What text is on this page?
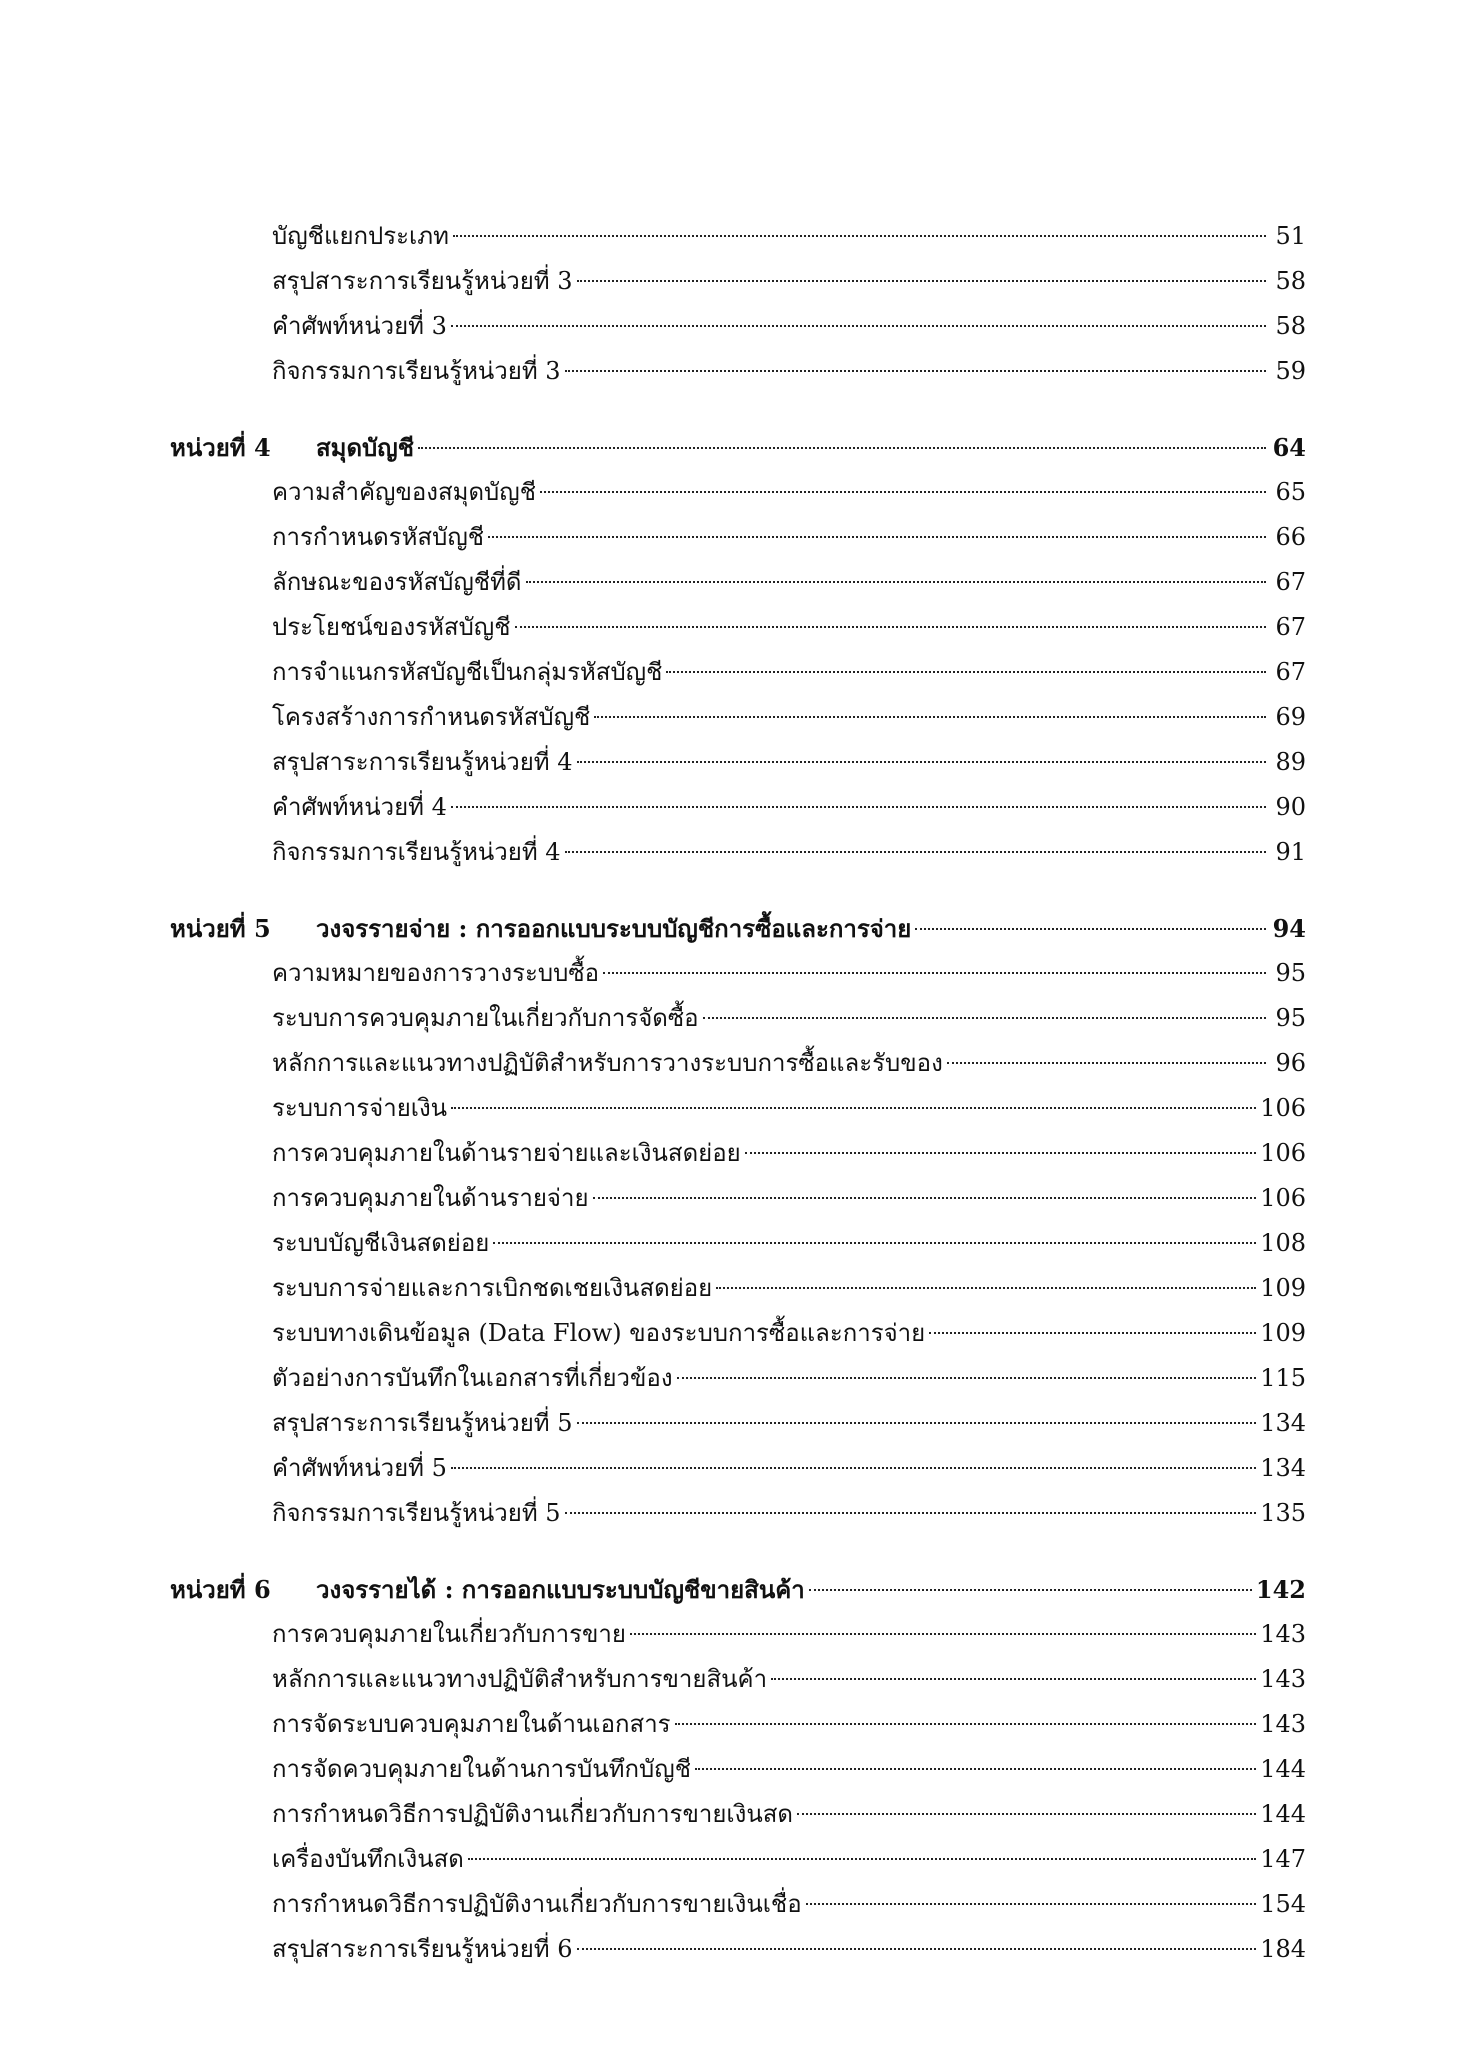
บัญชีแยกประเภท	51
สรุปสาระการเรียนรู้หน่วยที่ 3	58
คำศัพท์หน่วยที่ 3	58
กิจกรรมการเรียนรู้หน่วยที่ 3	59
หน่วยที่ 4	สมุดบัญชี	64
ความสำคัญของสมุดบัญชี	65
การกำหนดรหัสบัญชี	66
ลักษณะของรหัสบัญชีที่ดี	67
ประโยชน์ของรหัสบัญชี	67
การจำแนกรหัสบัญชีเป็นกลุ่มรหัสบัญชี	67
โครงสร้างการกำหนดรหัสบัญชี	69
สรุปสาระการเรียนรู้หน่วยที่ 4	89
คำศัพท์หน่วยที่ 4	90
กิจกรรมการเรียนรู้หน่วยที่ 4	91
หน่วยที่ 5	วงจรรายจ่าย : การออกแบบระบบบัญชีการซื้อและการจ่าย	94
ความหมายของการวางระบบซื้อ	95
ระบบการควบคุมภายในเกี่ยวกับการจัดซื้อ	95
หลักการและแนวทางปฏิบัติสำหรับการวางระบบการซื้อและรับของ	96
ระบบการจ่ายเงิน	106
การควบคุมภายในด้านรายจ่ายและเงินสดย่อย	106
การควบคุมภายในด้านรายจ่าย	106
ระบบบัญชีเงินสดย่อย	108
ระบบการจ่ายและการเบิกชดเชยเงินสดย่อย	109
ระบบทางเดินข้อมูล (Data Flow) ของระบบการซื้อและการจ่าย	109
ตัวอย่างการบันทึกในเอกสารที่เกี่ยวข้อง	115
สรุปสาระการเรียนรู้หน่วยที่ 5	134
คำศัพท์หน่วยที่ 5	134
กิจกรรมการเรียนรู้หน่วยที่ 5	135
หน่วยที่ 6	วงจรรายได้ : การออกแบบระบบบัญชีขายสินค้า	142
การควบคุมภายในเกี่ยวกับการขาย	143
หลักการและแนวทางปฏิบัติสำหรับการขายสินค้า	143
การจัดระบบควบคุมภายในด้านเอกสาร	143
การจัดควบคุมภายในด้านการบันทึกบัญชี	144
การกำหนดวิธีการปฏิบัติงานเกี่ยวกับการขายเงินสด	144
เครื่องบันทึกเงินสด	147
การกำหนดวิธีการปฏิบัติงานเกี่ยวกับการขายเงินเชื่อ	154
สรุปสาระการเรียนรู้หน่วยที่ 6	184
